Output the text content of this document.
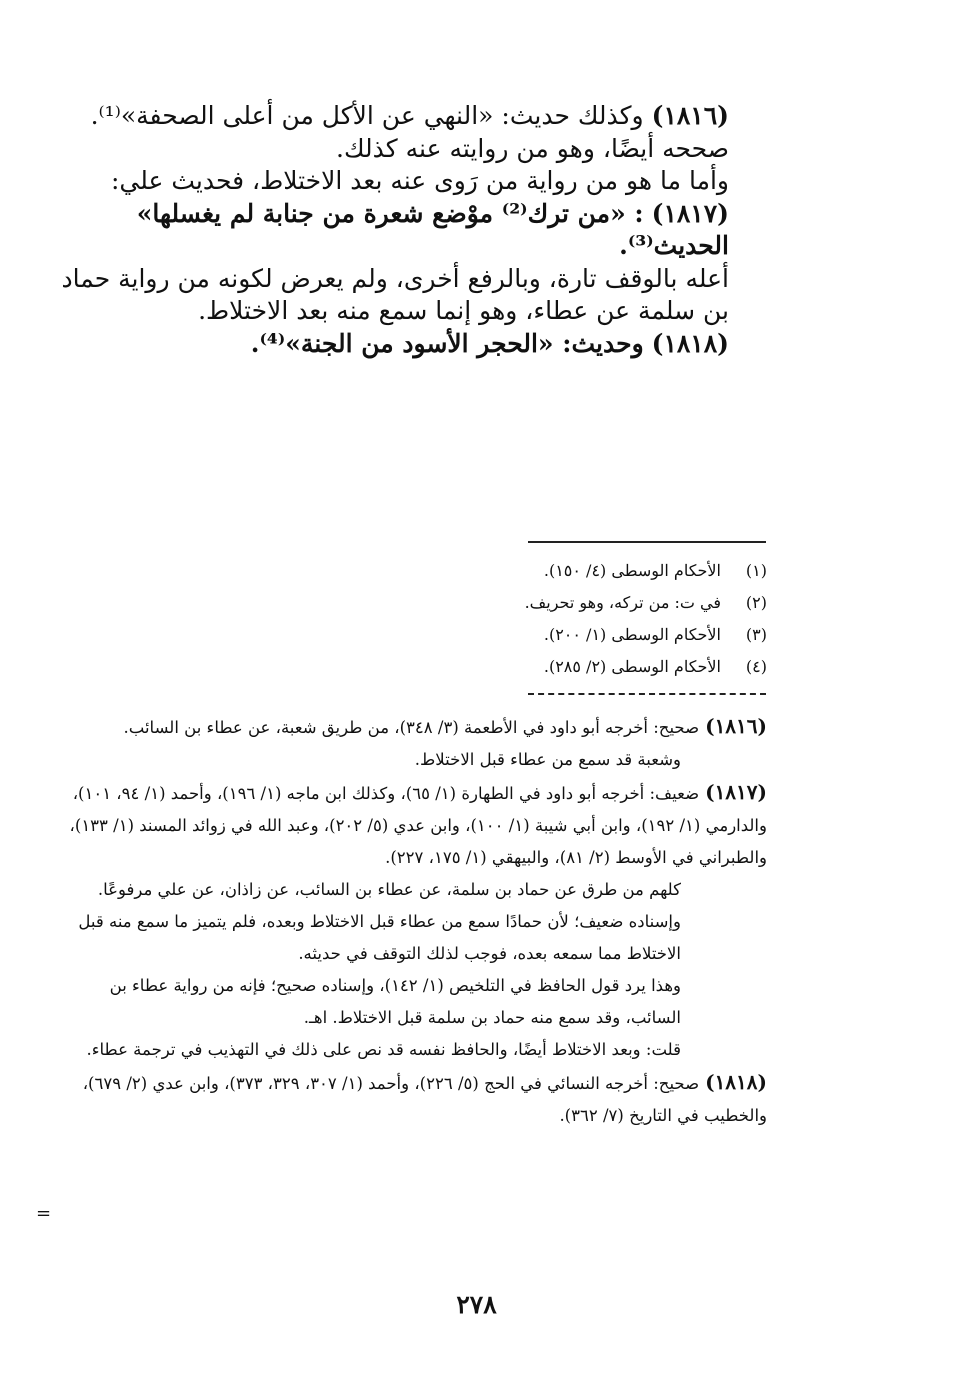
(١٨١٦) وكذلك حديث: «النهي عن الأكل من أعلى الصحفة»⁽¹⁾.

صححه أيضًا، وهو من روايته عنه كذلك.

وأما ما هو من رواية من رَوى عنه بعد الاختلاط، فحديث علي:

(١٨١٧) : «من ترك⁽²⁾ موْضع شعرة من جنابة لم يغسلها» الحديث⁽³⁾.

أعله بالوقف تارة، وبالرفع أخرى، ولم يعرض لكونه من رواية حماد بن سلمة عن عطاء، وهو إنما سمع منه بعد الاختلاط.

(١٨١٨) وحديث: «الحجر الأسود من الجنة»⁽⁴⁾.

(١)الأحكام الوسطى (٤/ ١٥٠).
(٢)في ت: من تركه، وهو تحريف.
(٣)الأحكام الوسطى (١/ ٢٠٠).
(٤)الأحكام الوسطى (٢/ ٢٨٥).

(١٨١٦)صحيح: أخرجه أبو داود في الأطعمة (٣/ ٣٤٨)، من طريق شعبة، عن عطاء بن السائب.

وشعبة قد سمع من عطاء قبل الاختلاط.

(١٨١٧)ضعيف: أخرجه أبو داود في الطهارة (١/ ٦٥)، وكذلك ابن ماجه (١/ ١٩٦)، وأحمد (١/ ٩٤، ١٠١)، والدارمي (١/ ١٩٢)، وابن أبي شيبة (١/ ١٠٠)، وابن عدي (٥/ ٢٠٢)، وعبد الله في زوائد المسند (١/ ١٣٣)، والطبراني في الأوسط (٢/ ٨١)، والبيهقي (١/ ١٧٥، ٢٢٧).

كلهم من طرق عن حماد بن سلمة، عن عطاء بن السائب، عن زاذان، عن علي مرفوعًا.

وإسناده ضعيف؛ لأن حمادًا سمع من عطاء قبل الاختلاط وبعده، فلم يتميز ما سمع منه قبل الاختلاط مما سمعه بعده، فوجب لذلك التوقف في حديثه.

وهذا يرد قول الحافظ في التلخيص (١/ ١٤٢)، وإسناده صحيح؛ فإنه من رواية عطاء بن السائب، وقد سمع منه حماد بن سلمة قبل الاختلاط. اهـ.

قلت: وبعد الاختلاط أيضًا، والحافظ نفسه قد نص على ذلك في التهذيب في ترجمة عطاء.

(١٨١٨)صحيح: أخرجه النسائي في الحج (٥/ ٢٢٦)، وأحمد (١/ ٣٠٧، ٣٢٩، ٣٧٣)، وابن عدي (٢/ ٦٧٩)، والخطيب في التاريخ (٧/ ٣٦٢).

=
٢٧٨
